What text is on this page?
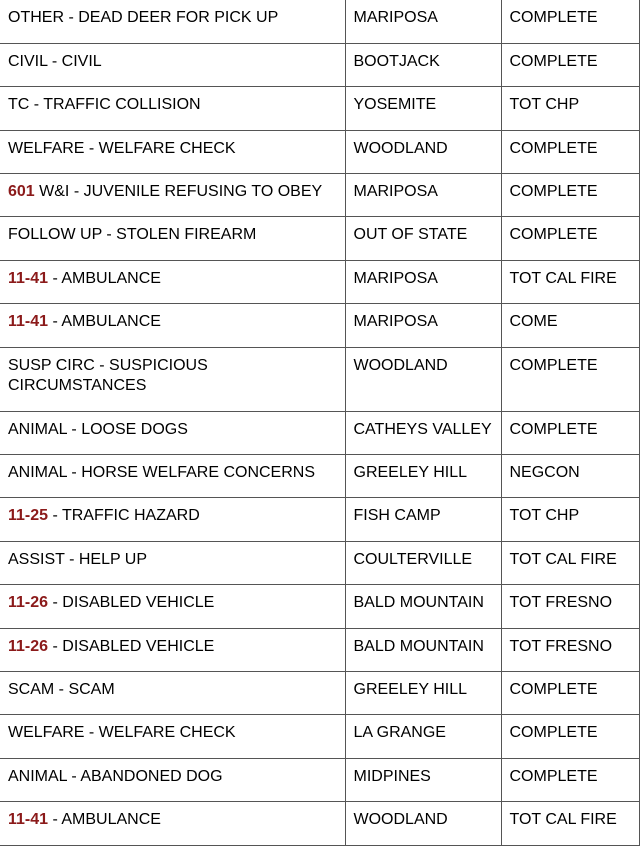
OTHER - DEAD DEER FOR PICK UP	MARIPOSA	COMPLETE
CIVIL - CIVIL	BOOTJACK	COMPLETE
TC - TRAFFIC COLLISION	YOSEMITE	TOT CHP
WELFARE - WELFARE CHECK	WOODLAND	COMPLETE
601 W&I - JUVENILE REFUSING TO OBEY	MARIPOSA	COMPLETE
FOLLOW UP - STOLEN FIREARM	OUT OF STATE	COMPLETE
11-41 - AMBULANCE	MARIPOSA	TOT CAL FIRE
11-41 - AMBULANCE	MARIPOSA	COME
SUSP CIRC - SUSPICIOUS CIRCUMSTANCES	WOODLAND	COMPLETE
ANIMAL - LOOSE DOGS	CATHEYS VALLEY	COMPLETE
ANIMAL - HORSE WELFARE CONCERNS	GREELEY HILL	NEGCON
11-25 - TRAFFIC HAZARD	FISH CAMP	TOT CHP
ASSIST - HELP UP	COULTERVILLE	TOT CAL FIRE
11-26 - DISABLED VEHICLE	BALD MOUNTAIN	TOT FRESNO
11-26 - DISABLED VEHICLE	BALD MOUNTAIN	TOT FRESNO
SCAM - SCAM	GREELEY HILL	COMPLETE
WELFARE - WELFARE CHECK	LA GRANGE	COMPLETE
ANIMAL - ABANDONED DOG	MIDPINES	COMPLETE
11-41 - AMBULANCE	WOODLAND	TOT CAL FIRE
